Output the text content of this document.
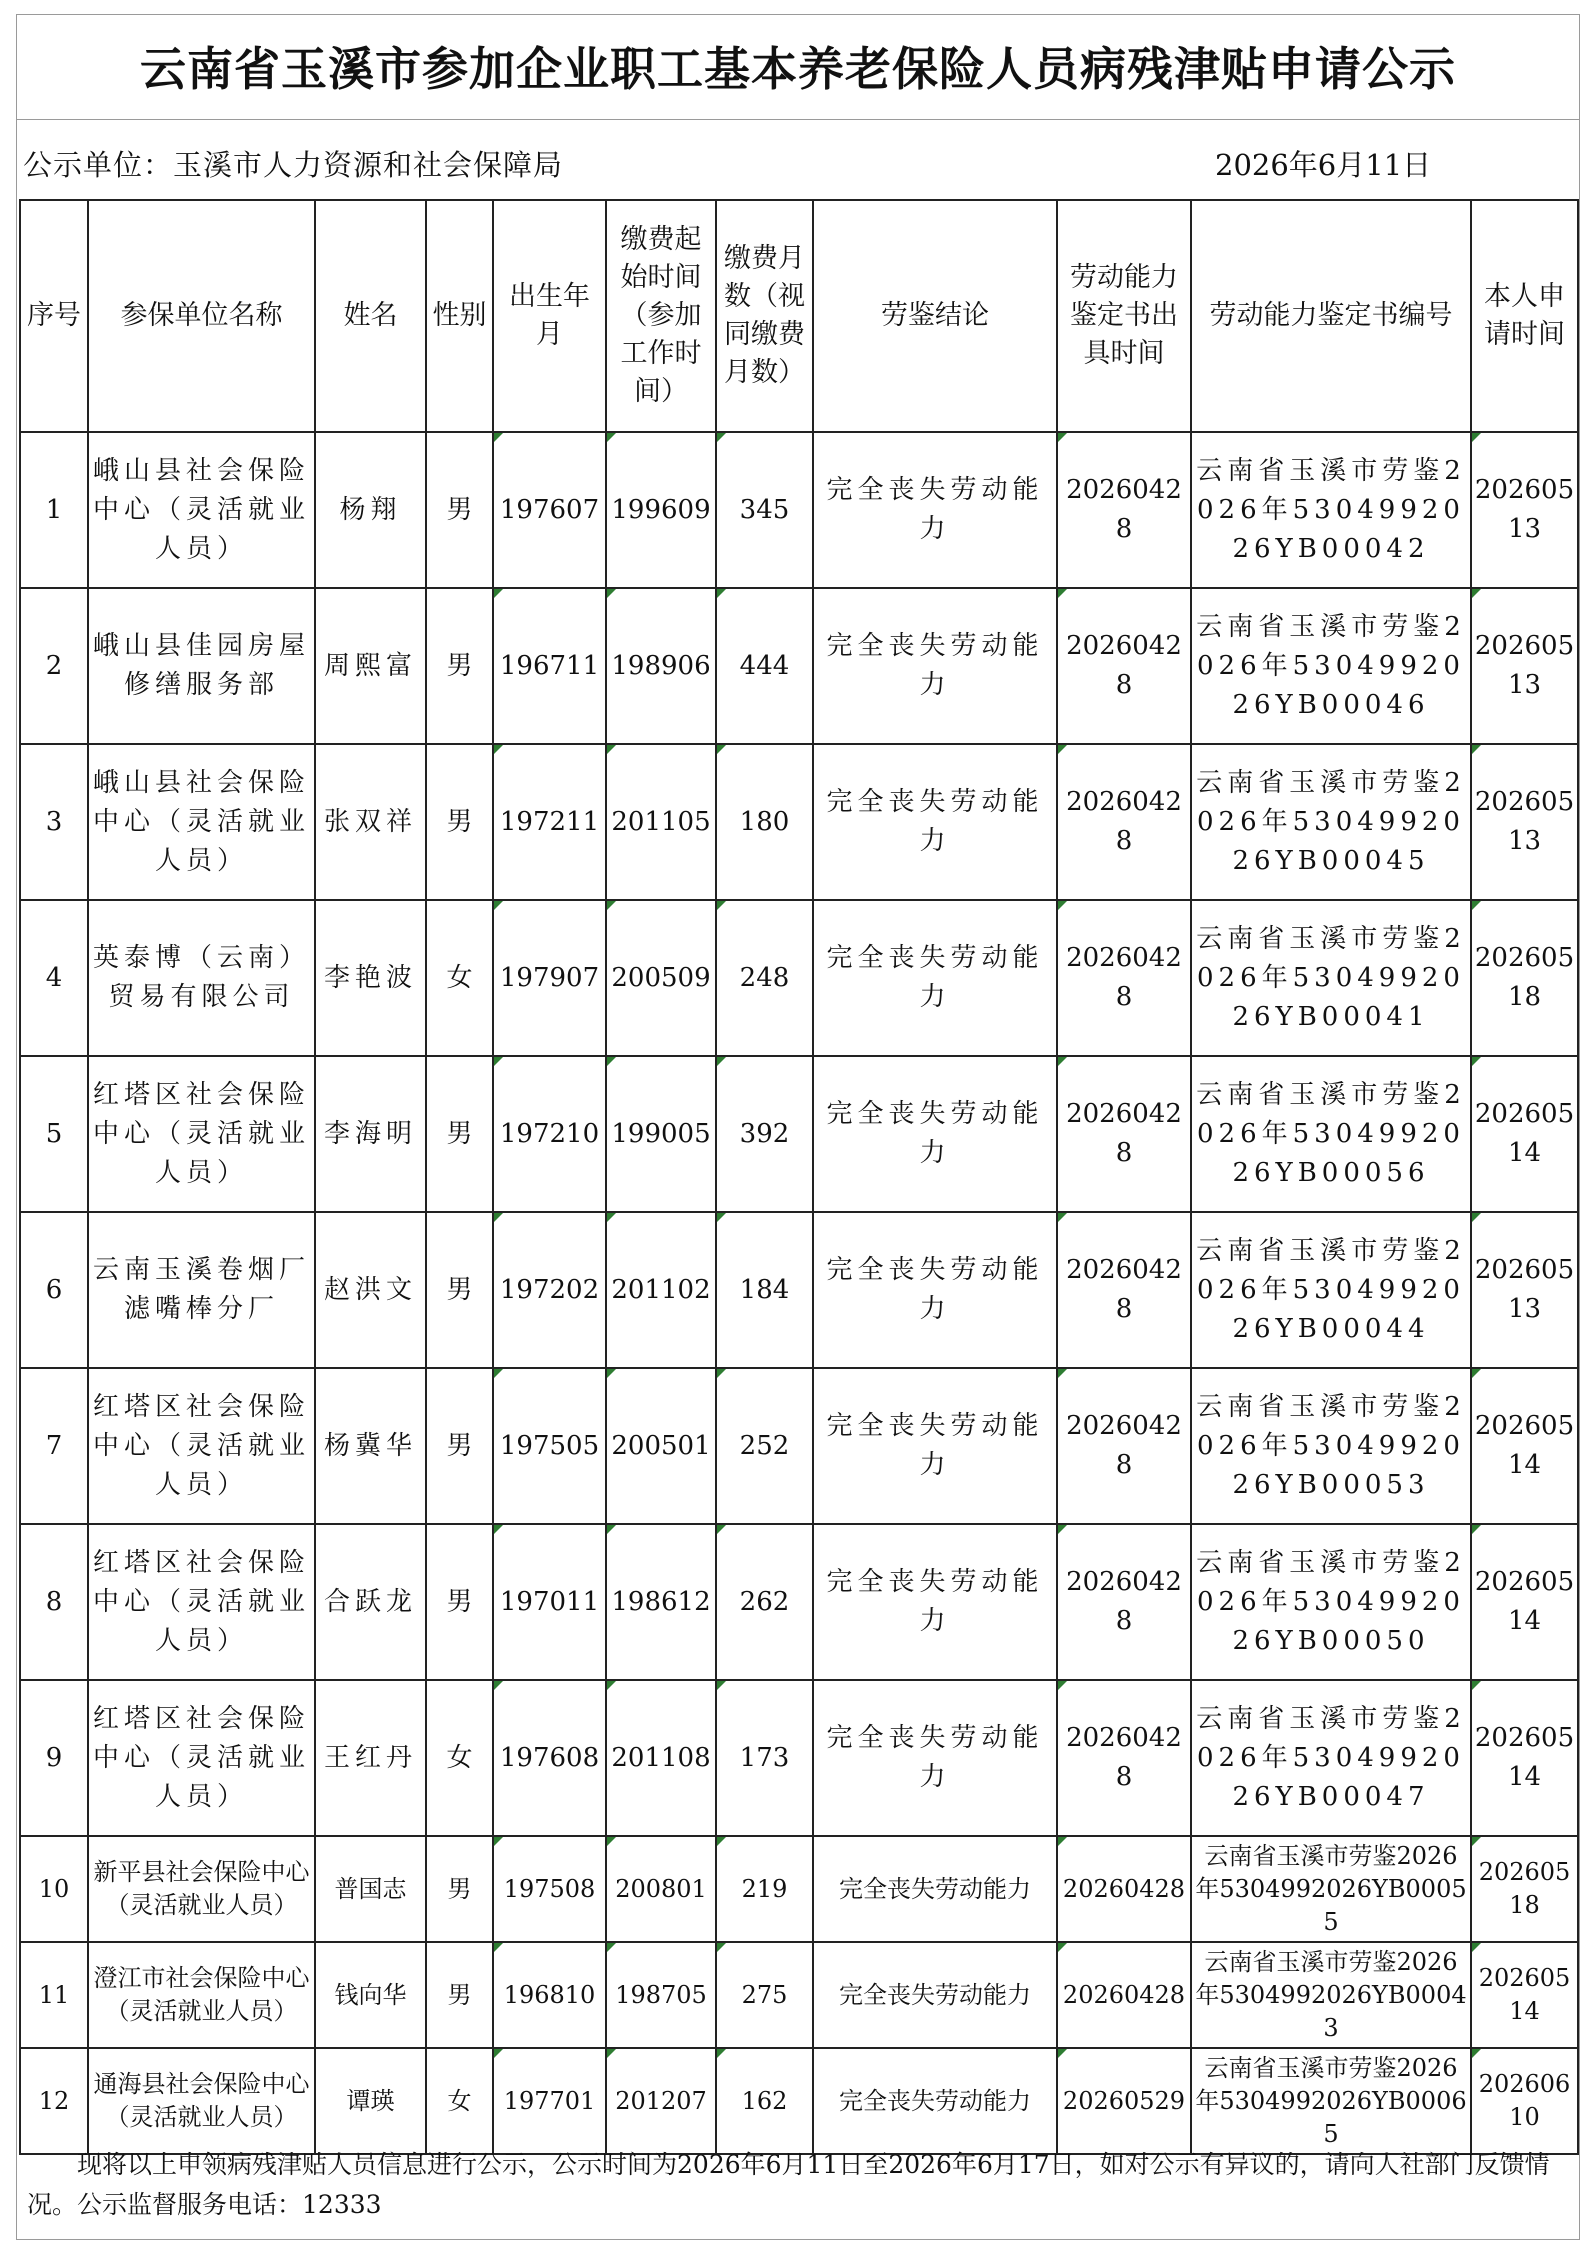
云南省玉溪市参加企业职工基本养老保险人员病残津贴申请公示
公示单位：玉溪市人力资源和社会保障局	2026年6月11日
序号	参保单位名称	姓名	性别	出生年月	缴费起始时间（参加工作时间）	缴费月数（视同缴费月数）	劳鉴结论	劳动能力鉴定书出具时间	劳动能力鉴定书编号	本人申请时间
1	峨山县社会保险中心（灵活就业人员）	杨翔	男	197607	199609	345	完全丧失劳动能力	20260428	云南省玉溪市劳鉴2026年5304992026YB00042	20260513
2	峨山县佳园房屋修缮服务部	周熙富	男	196711	198906	444	完全丧失劳动能力	20260428	云南省玉溪市劳鉴2026年5304992026YB00046	20260513
3	峨山县社会保险中心（灵活就业人员）	张双祥	男	197211	201105	180	完全丧失劳动能力	20260428	云南省玉溪市劳鉴2026年5304992026YB00045	20260513
4	英泰博（云南）贸易有限公司	李艳波	女	197907	200509	248	完全丧失劳动能力	20260428	云南省玉溪市劳鉴2026年5304992026YB00041	20260518
5	红塔区社会保险中心（灵活就业人员）	李海明	男	197210	199005	392	完全丧失劳动能力	20260428	云南省玉溪市劳鉴2026年5304992026YB00056	20260514
6	云南玉溪卷烟厂滤嘴棒分厂	赵洪文	男	197202	201102	184	完全丧失劳动能力	20260428	云南省玉溪市劳鉴2026年5304992026YB00044	20260513
7	红塔区社会保险中心（灵活就业人员）	杨冀华	男	197505	200501	252	完全丧失劳动能力	20260428	云南省玉溪市劳鉴2026年5304992026YB00053	20260514
8	红塔区社会保险中心（灵活就业人员）	合跃龙	男	197011	198612	262	完全丧失劳动能力	20260428	云南省玉溪市劳鉴2026年5304992026YB00050	20260514
9	红塔区社会保险中心（灵活就业人员）	王红丹	女	197608	201108	173	完全丧失劳动能力	20260428	云南省玉溪市劳鉴2026年5304992026YB00047	20260514
10	新平县社会保险中心（灵活就业人员）	普国志	男	197508	200801	219	完全丧失劳动能力	20260428	云南省玉溪市劳鉴2026年5304992026YB00055	20260518
11	澄江市社会保险中心（灵活就业人员）	钱向华	男	196810	198705	275	完全丧失劳动能力	20260428	云南省玉溪市劳鉴2026年5304992026YB00043	20260514
12	通海县社会保险中心（灵活就业人员）	谭瑛	女	197701	201207	162	完全丧失劳动能力	20260529	云南省玉溪市劳鉴2026年5304992026YB00065	20260610
现将以上申领病残津贴人员信息进行公示，公示时间为2026年6月11日至2026年6月17日，如对公示有异议的，请向人社部门反馈情况。公示监督服务电话：12333
